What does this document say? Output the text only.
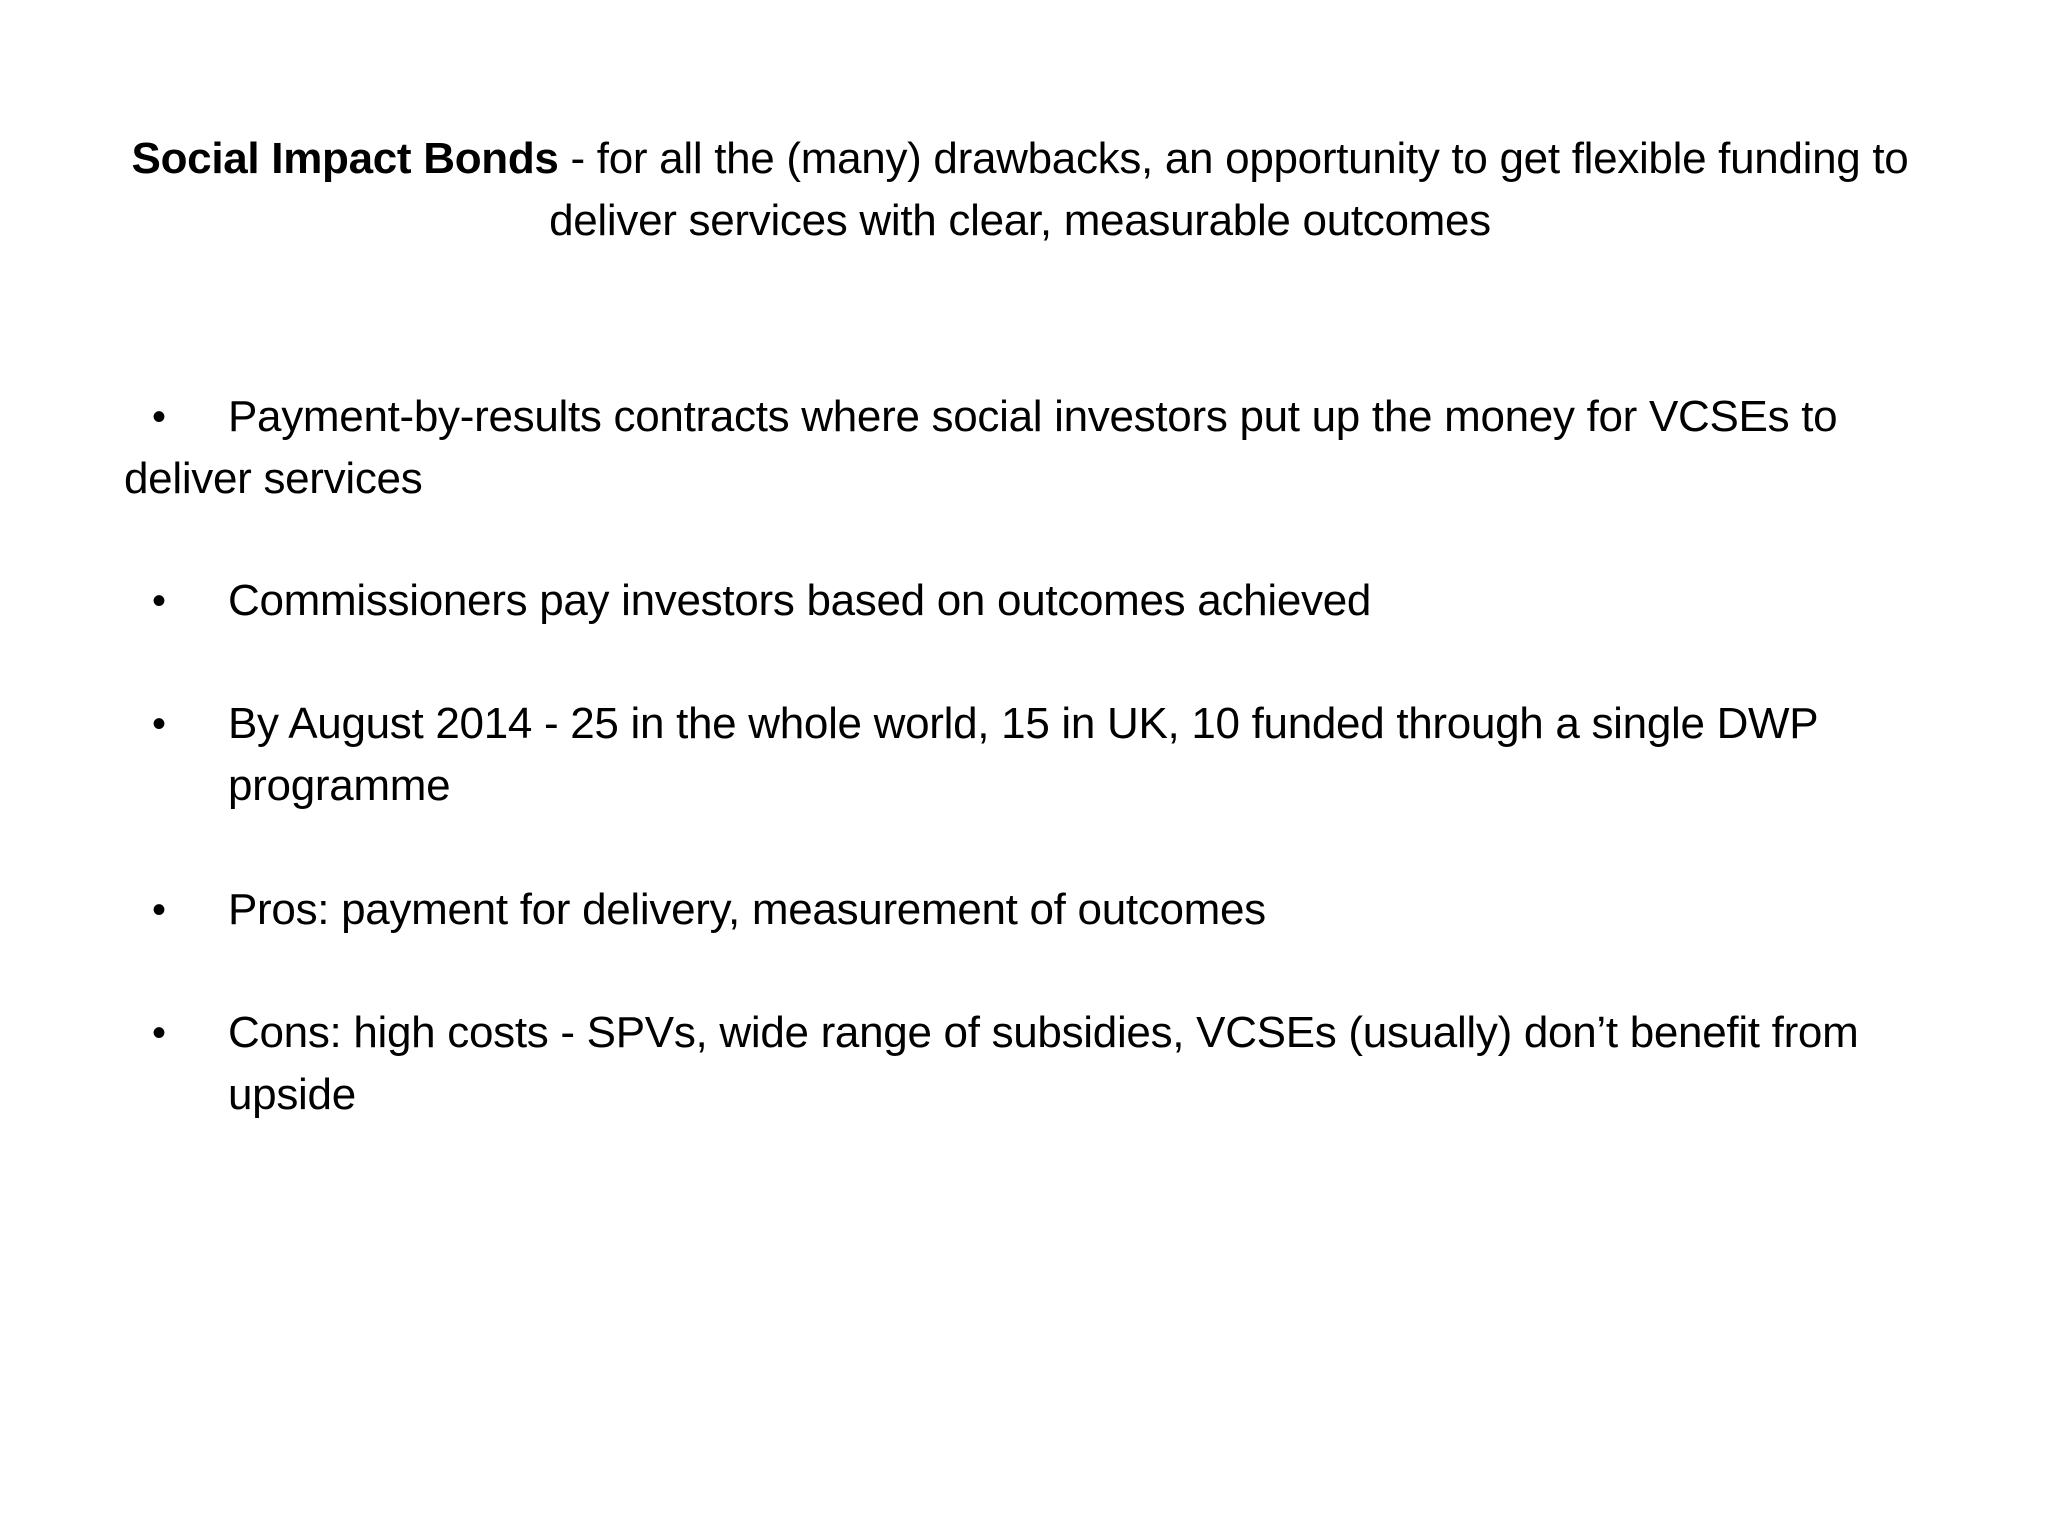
Social Impact Bonds - for all the (many) drawbacks, an opportunity to get flexible funding to deliver services with clear, measurable outcomes
• Payment-by-results contracts where social investors put up the money for VCSEs to deliver services
• Commissioners pay investors based on outcomes achieved
• By August 2014 - 25 in the whole world, 15 in UK, 10 funded through a single DWP programme
• Pros: payment for delivery, measurement of outcomes
• Cons: high costs - SPVs, wide range of subsidies, VCSEs (usually) don’t benefit from upside
